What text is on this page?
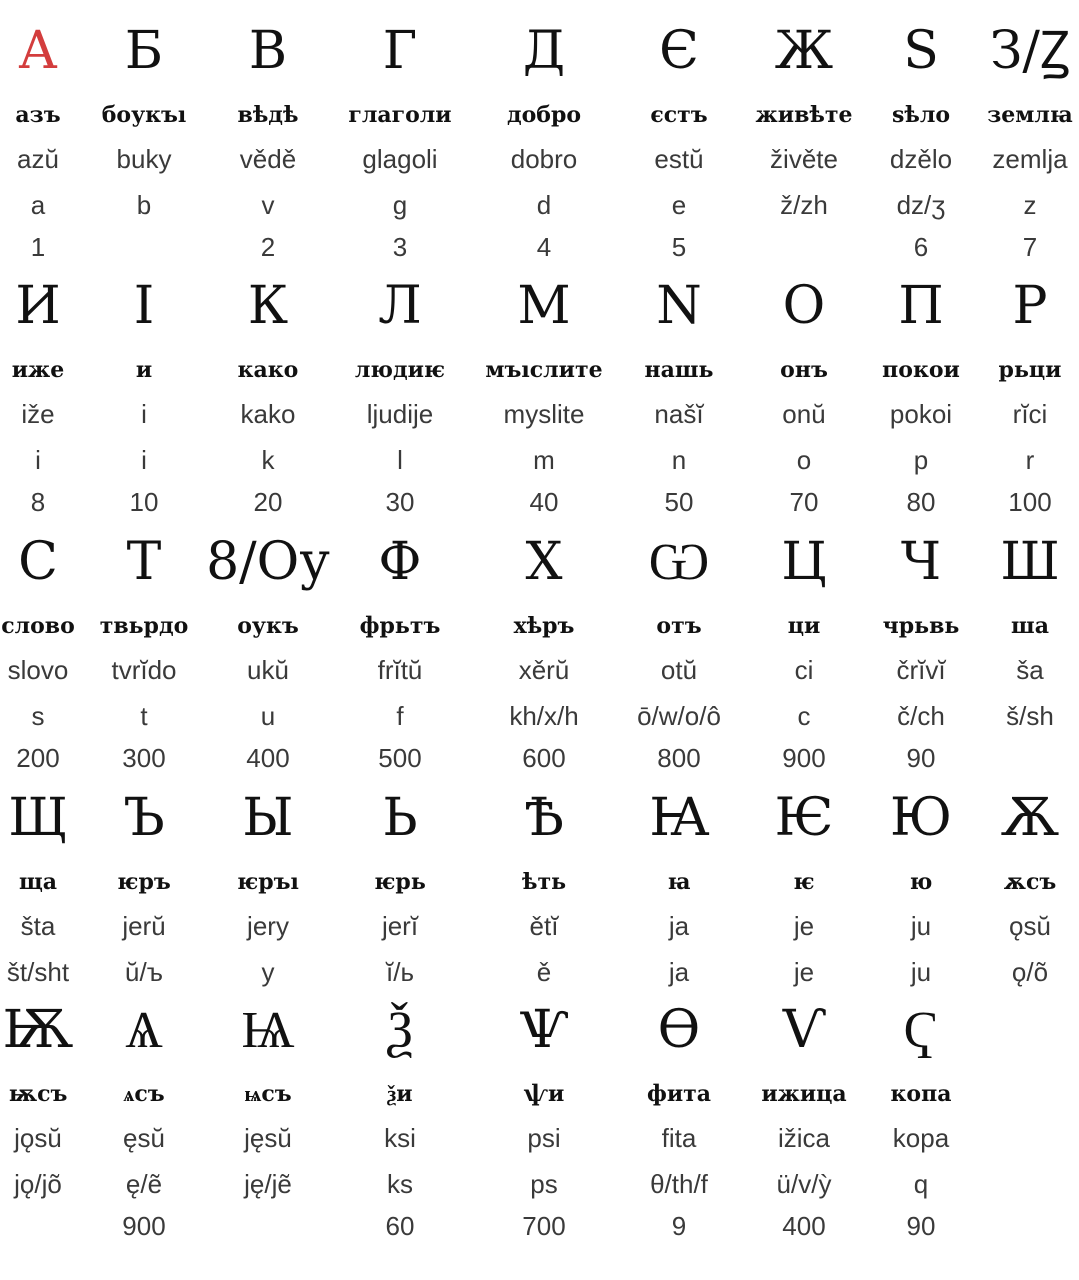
А
азъ
azŭ
a
1
Б
боукъı
buky
b
В
вѣдѣ
vědě
v
2
Г
глаголи
glagoli
g
3
Д
добро
dobro
d
4
Є
єстъ
estŭ
e
5
Ж
живѣте
živěte
ž/zh
Ѕ
ѕѣло
dzělo
dz/ʒ
6
З/Ꙁ
землꙗ
zemlja
z
7
И
иже
iže
i
8
І
и
i
i
10
К
како
kako
k
20
Л
людиѥ
ljudije
l
30
М
мъıслите
myslite
m
40
N
нашь
našĭ
n
50
О
онъ
onŭ
o
70
П
покои
pokoi
p
80
Р
рьци
rĭci
r
100
С
слово
slovo
s
200
Т
твьрдо
tvrĭdo
t
300
8/Оу
оукъ
ukŭ
u
400
Ф
фрьтъ
frĭtŭ
f
500
Х
хѣръ
xěrŭ
kh/x/h
600
Ѡ
отъ
otŭ
ō/w/o/ô
800
Ц
ци
ci
c
900
Ч
чрьвь
črĭvĭ
č/ch
90
Ш
ша
ša
š/sh
Щ
ща
šta
št/sht
Ъ
ѥръ
jerŭ
ŭ/ъ
Ы
ѥръı
jery
y
Ь
ѥрь
jerĭ
ĭ/ь
Ѣ
ѣть
ětĭ
ě
Ꙗ
ꙗ
ja
ja
Ѥ
ѥ
je
je
Ю
ю
ju
ju
Ѫ
ѫсъ
ǫsŭ
ǫ/õ
Ѭ
ѭсъ
jǫsŭ
jǫ/jõ
Ѧ
ѧсъ
ęsŭ
ę/ẽ
900
Ѩ
ѩсъ
jęsŭ
ję/jẽ
Ѯ
ѯи
ksi
ks
60
Ѱ
ѱи
psi
ps
700
Ѳ
фита
fita
θ/th/f
9
Ѵ
ижица
ižica
ü/v/ỳ
400
Ҁ
копа
kopa
q
90
